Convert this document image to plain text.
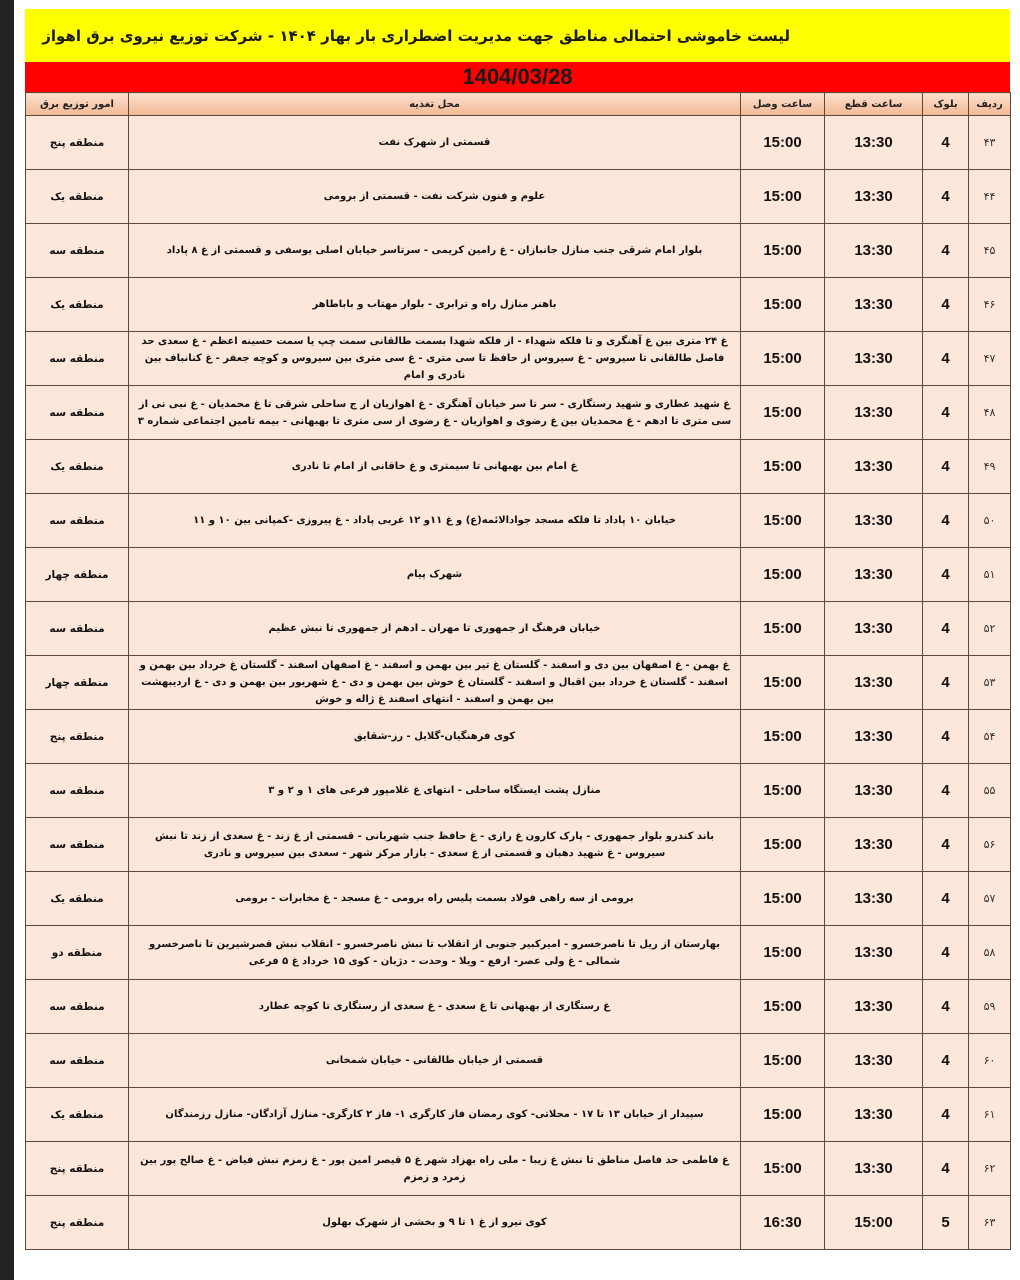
لیست خاموشی احتمالی مناطق جهت مدیریت اضطراری بار بهار ۱۴۰۴ - شرکت توزیع نیروی برق اهواز
1404/03/28
ردیف	بلوک	ساعت قطع	ساعت وصل	محل تغذیه	امور توزیع برق
۴۳	4	13:30	15:00	قسمتی از شهرک نفت	منطقه پنج
۴۴	4	13:30	15:00	علوم و فنون شرکت نفت - قسمتی از برومی	منطقه یک
۴۵	4	13:30	15:00	بلوار امام شرقی جنب منازل جانبازان - غ رامین کریمی - سرتاسر خیابان اصلی یوسفی و قسمتی از غ ۸ پاداد	منطقه سه
۴۶	4	13:30	15:00	باهنر منازل راه و ترابری - بلوار مهتاب و باباطاهر	منطقه یک
۴۷	4	13:30	15:00	غ ۲۴ متری بین غ آهنگری و تا فلکه شهداء - از فلکه شهدا بسمت طالقانی سمت چپ یا سمت حسینه اعظم - غ سعدی حد فاصل طالقانی تا سیروس - غ سیروس از حافظ تا سی متری - غ سی متری بین سیروس و کوچه جعفر - غ کنانباف بین نادری و امام	منطقه سه
۴۸	4	13:30	15:00	غ شهید عطاری و شهید رستگاری - سر تا سر خیابان آهنگری - غ اهوازیان از ج ساحلی شرقی تا غ محمدیان - غ نبی نی از سی متری تا ادهم - غ محمدیان بین غ رضوی و اهوازیان - غ رضوی از سی متری تا بهبهانی - بیمه تامین اجتماعی شماره ۳	منطقه سه
۴۹	4	13:30	15:00	غ امام بین بهبهانی تا سیمتری و غ خاقانی از امام تا نادری	منطقه یک
۵۰	4	13:30	15:00	خیابان ۱۰ پاداد تا فلکه مسجد جوادالائمه(ع) و غ ۱۱و ۱۲ غربی پاداد - غ پیروزی -کمپانی بین ۱۰ و ۱۱	منطقه سه
۵۱	4	13:30	15:00	شهرک پیام	منطقه چهار
۵۲	4	13:30	15:00	خیابان فرهنگ از جمهوری تا مهران ـ ادهم از جمهوری تا نبش عظیم	منطقه سه
۵۳	4	13:30	15:00	غ بهمن - غ اصفهان بین دی و اسفند - گلستان غ تیر بین بهمن و اسفند - غ اصفهان اسفند - گلستان غ خرداد بین بهمن و اسفند - گلستان غ خرداد بین اقبال و اسفند - گلستان غ خوش بین بهمن و دی - غ شهریور بین بهمن و دی - غ اردیبهشت بین بهمن و اسفند - انتهای اسفند غ ژاله و خوش	منطقه چهار
۵۴	4	13:30	15:00	کوی فرهنگیان-گلایل - رز-شقایق	منطقه پنج
۵۵	4	13:30	15:00	منازل پشت ایستگاه ساحلی - انتهای غ غلامپور فرعی های ۱ و ۲ و ۳	منطقه سه
۵۶	4	13:30	15:00	باند کندرو بلوار جمهوری - پارک کارون غ رازی - غ حافظ جنب شهربانی - قسمتی از غ زند - غ سعدی از زند تا نبش سیروس - غ شهید دهبان و قسمتی از غ سعدی - بازار مرکز شهر - سعدی بین سیروس و نادری	منطقه سه
۵۷	4	13:30	15:00	برومی از سه راهی فولاد بسمت پلیس راه برومی - غ مسجد - غ مخابرات - برومی	منطقه یک
۵۸	4	13:30	15:00	بهارستان از ریل تا ناصرخسرو - امیرکبیر جنوبی از انقلاب تا نبش ناصرخسرو - انقلاب نبش قصرشیرین تا ناصرخسرو شمالی - غ ولی عصر- ارفع - ویلا - وحدت - دژبان - کوی ۱۵ خرداد غ ۵ فرعی	منطقه دو
۵۹	4	13:30	15:00	غ رستگاری از بهبهانی تا غ سعدی - غ سعدی از رستگاری تا کوچه عطارد	منطقه سه
۶۰	4	13:30	15:00	قسمتی از خیابان طالقانی - خیابان شمخانی	منطقه سه
۶۱	4	13:30	15:00	سپیدار از خیابان ۱۳ تا ۱۷ - محلاتی- کوی رمضان فاز کارگری ۱- فاز ۲ کارگری- منازل آزادگان- منازل رزمندگان	منطقه یک
۶۲	4	13:30	15:00	غ فاطمی حد فاصل مناطق تا نبش غ زیبا - ملی راه بهزاد شهر غ ۵ قیصر امین پور - غ زمزم نبش فیاض - غ صالح پور بین زمرد و زمزم	منطقه پنج
۶۳	5	15:00	16:30	کوی نیرو از غ ۱ تا ۹ و بخشی از شهرک بهلول	منطقه پنج
